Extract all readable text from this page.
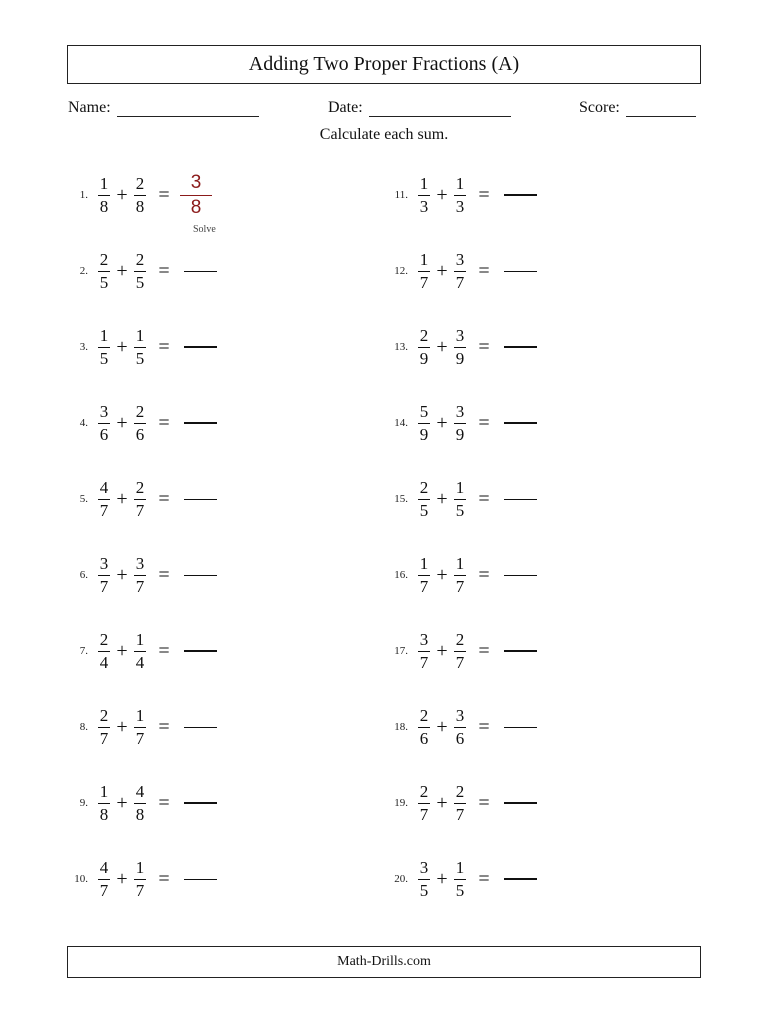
Adding Two Proper Fractions (A)
Name:	Date:	Score:
Calculate each sum.
1. $\frac{1}{8} + \frac{2}{8} = \frac{3}{8}$
2. $\frac{2}{5} + \frac{2}{5}$ =
3. $\frac{1}{5} + \frac{1}{5}$ =
4. $\frac{3}{6} + \frac{2}{6}$ =
5. $\frac{4}{7} + \frac{2}{7}$ =
6. $\frac{3}{7} + \frac{3}{7}$ =
7. $\frac{2}{4} + \frac{1}{4}$ =
8. $\frac{2}{7} + \frac{1}{7}$ =
9. $\frac{1}{8} + \frac{4}{8}$ =
10. $\frac{4}{7} + \frac{1}{7}$ =
11. $\frac{1}{3} + \frac{1}{3}$ =
12. $\frac{1}{7} + \frac{3}{7}$ =
13. $\frac{2}{9} + \frac{3}{9}$ =
14. $\frac{5}{9} + \frac{3}{9}$ =
15. $\frac{2}{5} + \frac{1}{5}$ =
16. $\frac{1}{7} + \frac{1}{7}$ =
17. $\frac{3}{7} + \frac{2}{7}$ =
18. $\frac{2}{6} + \frac{3}{6}$ =
19. $\frac{2}{7} + \frac{2}{7}$ =
20. $\frac{3}{5} + \frac{1}{5}$ =
Solve
Math-Drills.com
